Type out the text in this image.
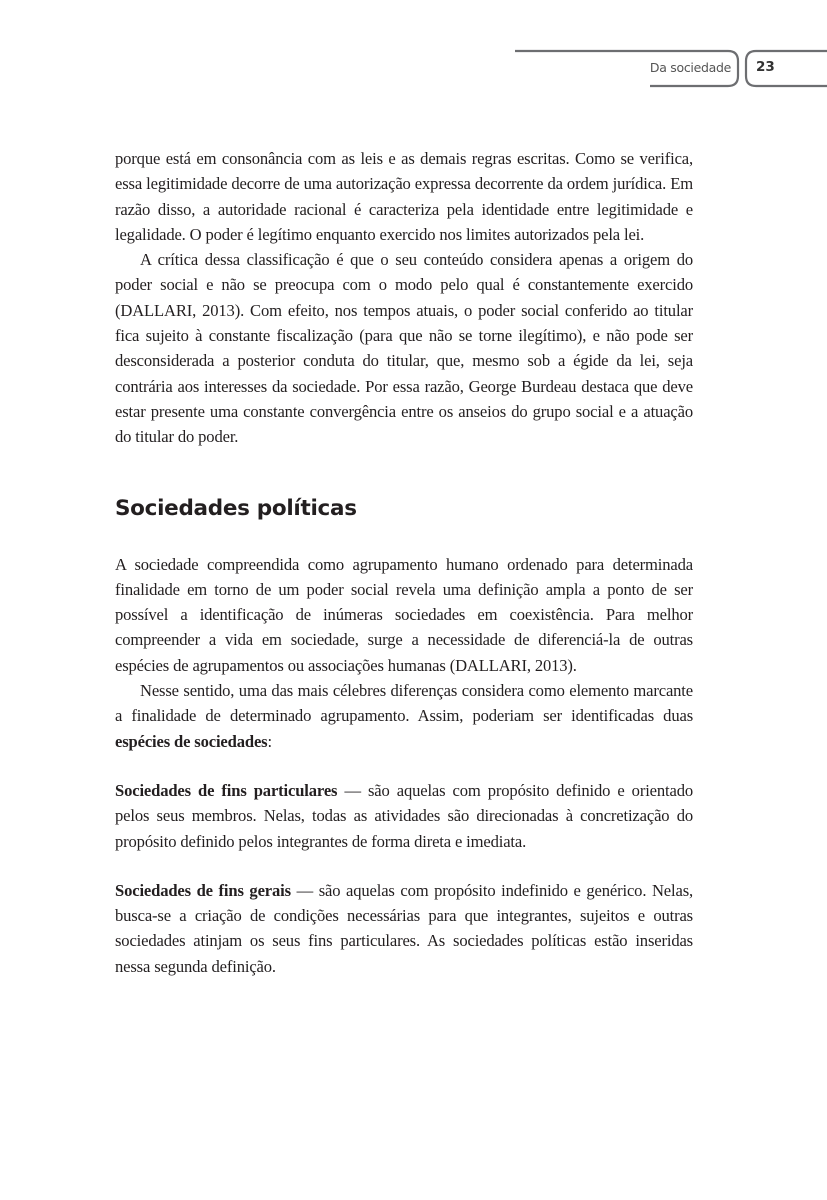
Da sociedade 23

porque está em consonância com as leis e as demais regras escritas. Como se verifica, essa legitimidade decorre de uma autorização expressa decorrente da ordem jurídica. Em razão disso, a autoridade racional é caracteriza pela identidade entre legitimidade e legalidade. O poder é legítimo enquanto exercido nos limites autorizados pela lei.

A crítica dessa classificação é que o seu conteúdo considera apenas a origem do poder social e não se preocupa com o modo pelo qual é constantemente exercido (DALLARI, 2013). Com efeito, nos tempos atuais, o poder social conferido ao titular fica sujeito à constante fiscalização (para que não se torne ilegítimo), e não pode ser desconsiderada a posterior conduta do titular, que, mesmo sob a égide da lei, seja contrária aos interesses da sociedade. Por essa razão, George Burdeau destaca que deve estar presente uma constante convergência entre os anseios do grupo social e a atuação do titular do poder.

Sociedades políticas

A sociedade compreendida como agrupamento humano ordenado para determinada finalidade em torno de um poder social revela uma definição ampla a ponto de ser possível a identificação de inúmeras sociedades em coexistência. Para melhor compreender a vida em sociedade, surge a necessidade de diferenciá-la de outras espécies de agrupamentos ou associações humanas (DALLARI, 2013).

Nesse sentido, uma das mais célebres diferenças considera como elemento marcante a finalidade de determinado agrupamento. Assim, poderiam ser identificadas duas espécies de sociedades:

Sociedades de fins particulares — são aquelas com propósito definido e orientado pelos seus membros. Nelas, todas as atividades são direcionadas à concretização do propósito definido pelos integrantes de forma direta e imediata.

Sociedades de fins gerais — são aquelas com propósito indefinido e genérico. Nelas, busca-se a criação de condições necessárias para que integrantes, sujeitos e outras sociedades atinjam os seus fins particulares. As sociedades políticas estão inseridas nessa segunda definição.
